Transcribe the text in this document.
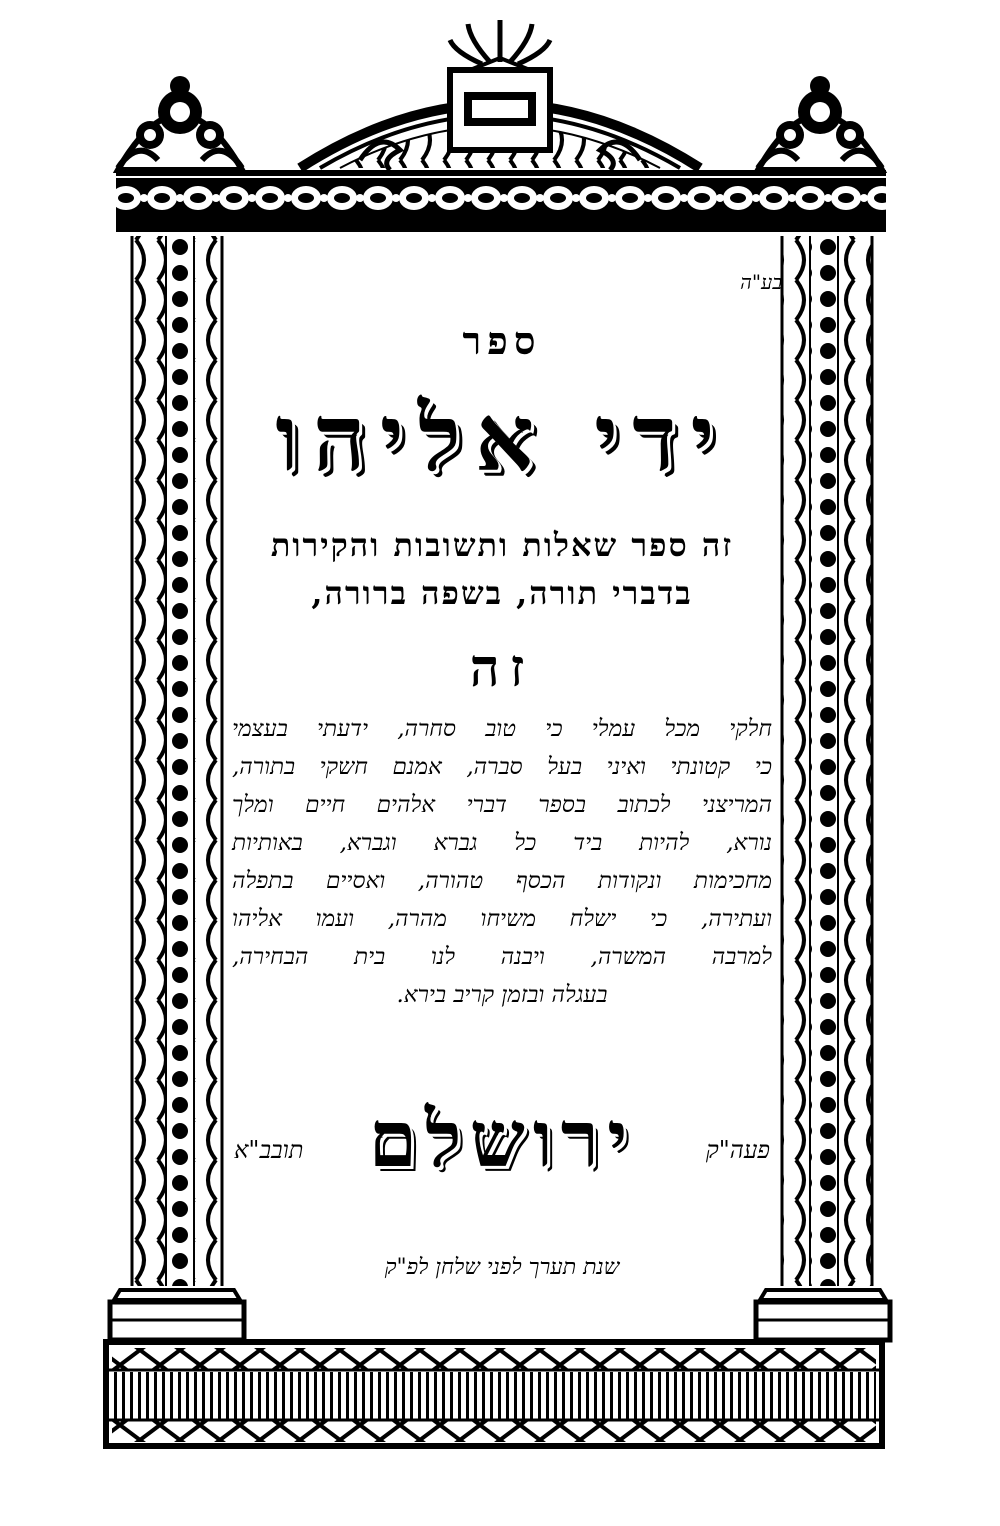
בע"ה
ספר
ידי אליהו
זה ספר שאלות ותשובות והקירות
בדברי תורה, בשפה ברורה,
זה
חלקי מכל עמלי כי טוב סחרה, ידעתי בעצמי
כי קטונתי ואיני בעל סברה, אמנם חשקי בתורה,
המריצני לכתוב בספר דברי אלהים חיים ומלך
נורא, להיות ביד כל גברא וגברא, באותיות
מחכימות ונקודות הכסף טהורה, ואסיים בתפלה
ועתירה, כי ישלח משיחו מהרה, ועמו אליהו
למרבה המשרה, ויבנה לנו בית הבחירה,
בעגלה ובזמן קריב בירא.
ירושלם	פעה"ק
תובב"א
שנת תערך לפני שלחן לפ"ק
